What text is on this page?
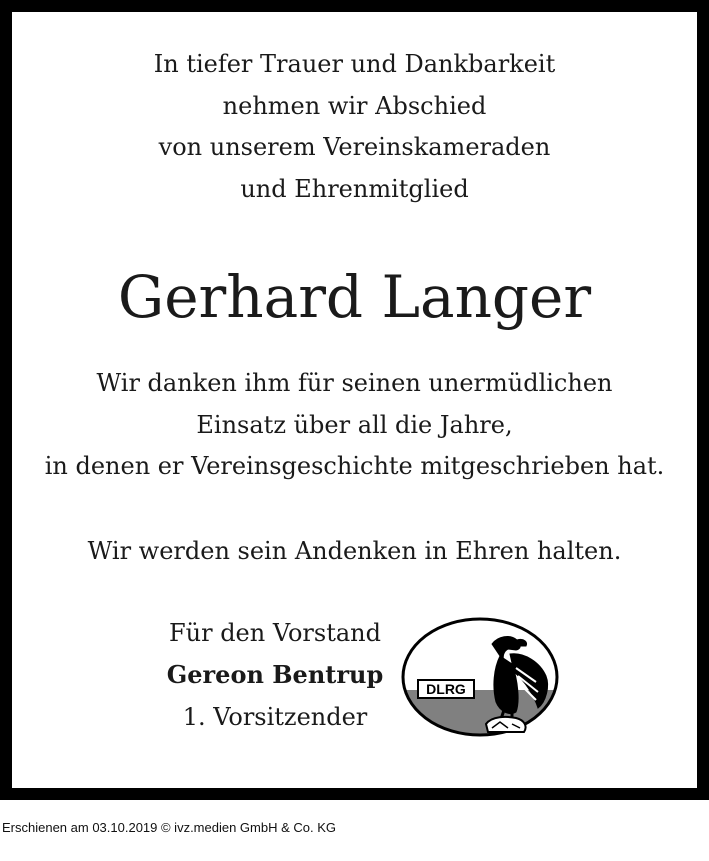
In tiefer Trauer und Dankbarkeit
nehmen wir Abschied
von unserem Vereinskameraden
und Ehrenmitglied
Gerhard Langer
Wir danken ihm für seinen unermüdlichen
Einsatz über all die Jahre,
in denen er Vereinsgeschichte mitgeschrieben hat.
Wir werden sein Andenken in Ehren halten.
Für den Vorstand
Gereon Bentrup
1. Vorsitzender
DLRG
Erschienen am 03.10.2019 © ivz.medien GmbH & Co. KG
